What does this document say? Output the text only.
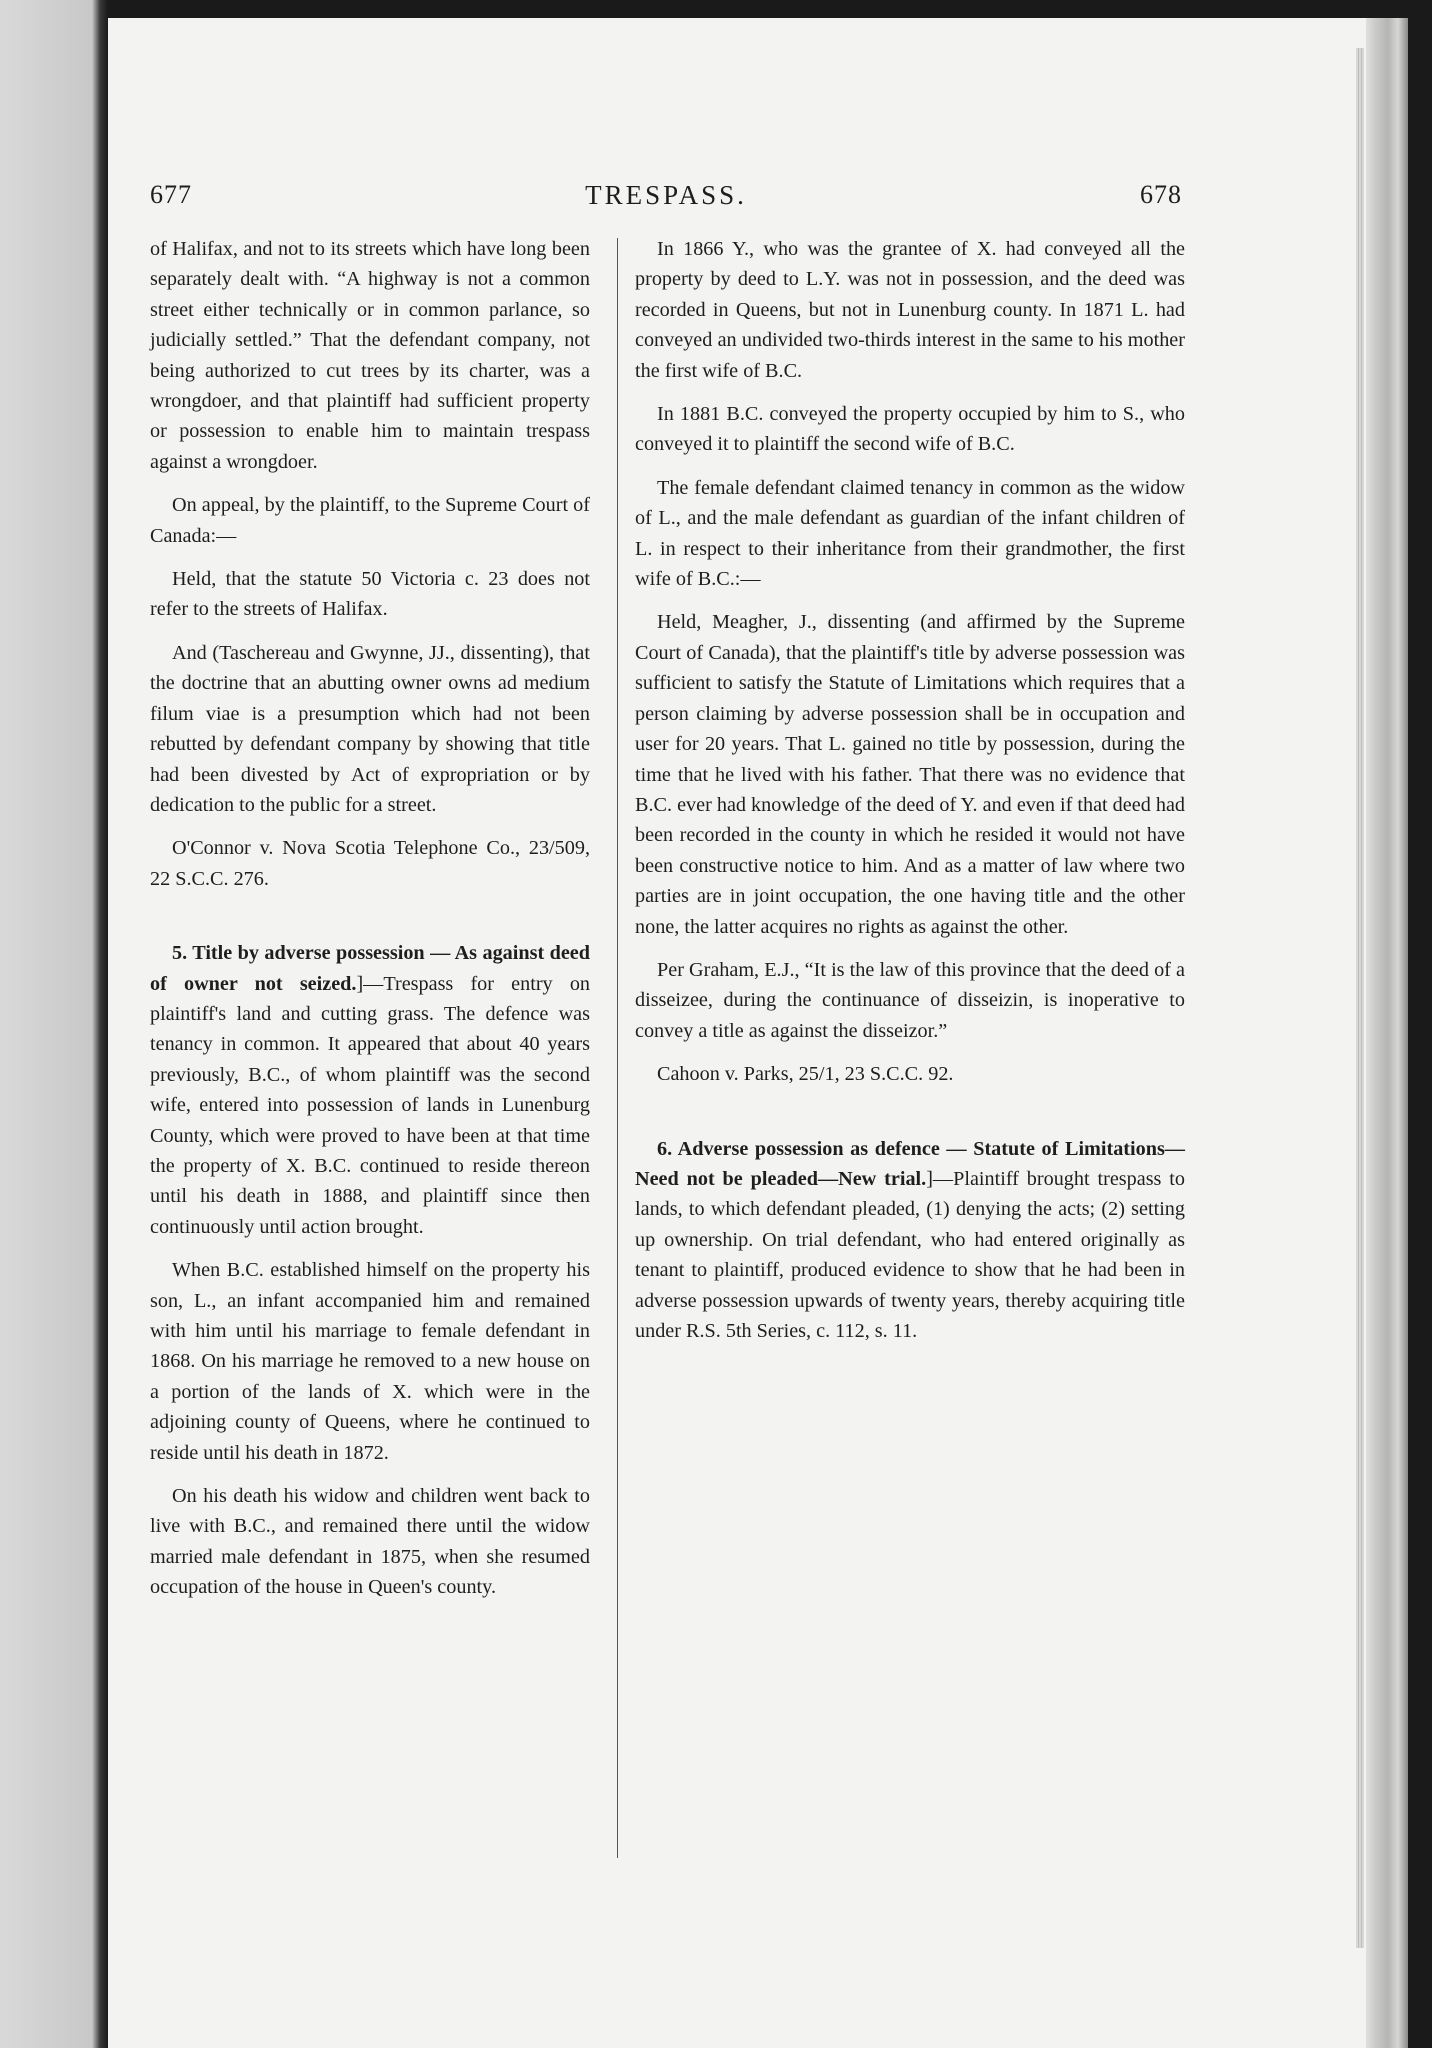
677	TRESPASS.	678

of Halifax, and not to its streets which have long been separately dealt with. “A highway is not a common street either technically or in common parlance, so judicially settled.” That the defendant company, not being authorized to cut trees by its charter, was a wrongdoer, and that plaintiff had sufficient property or possession to enable him to maintain trespass against a wrongdoer.

On appeal, by the plaintiff, to the Supreme Court of Canada:—

Held, that the statute 50 Victoria c. 23 does not refer to the streets of Halifax.

And (Taschereau and Gwynne, JJ., dissenting), that the doctrine that an abutting owner owns ad medium filum viae is a presumption which had not been rebutted by defendant company by showing that title had been divested by Act of expropriation or by dedication to the public for a street.

O'Connor v. Nova Scotia Telephone Co., 23/509, 22 S.C.C. 276.

5. Title by adverse possession — As against deed of owner not seized.]—Trespass for entry on plaintiff's land and cutting grass. The defence was tenancy in common. It appeared that about 40 years previously, B.C., of whom plaintiff was the second wife, entered into possession of lands in Lunenburg County, which were proved to have been at that time the property of X. B.C. continued to reside thereon until his death in 1888, and plaintiff since then continuously until action brought.

When B.C. established himself on the property his son, L., an infant accompanied him and remained with him until his marriage to female defendant in 1868. On his marriage he removed to a new house on a portion of the lands of X. which were in the adjoining county of Queens, where he continued to reside until his death in 1872.

On his death his widow and children went back to live with B.C., and remained there until the widow married male defendant in 1875, when she resumed occupation of the house in Queen's county.

In 1866 Y., who was the grantee of X. had conveyed all the property by deed to L.Y. was not in possession, and the deed was recorded in Queens, but not in Lunenburg county. In 1871 L. had conveyed an undivided two-thirds interest in the same to his mother the first wife of B.C.

In 1881 B.C. conveyed the property occupied by him to S., who conveyed it to plaintiff the second wife of B.C.

The female defendant claimed tenancy in common as the widow of L., and the male defendant as guardian of the infant children of L. in respect to their inheritance from their grandmother, the first wife of B.C.:—

Held, Meagher, J., dissenting (and affirmed by the Supreme Court of Canada), that the plaintiff's title by adverse possession was sufficient to satisfy the Statute of Limitations which requires that a person claiming by adverse possession shall be in occupation and user for 20 years. That L. gained no title by possession, during the time that he lived with his father. That there was no evidence that B.C. ever had knowledge of the deed of Y. and even if that deed had been recorded in the county in which he resided it would not have been constructive notice to him. And as a matter of law where two parties are in joint occupation, the one having title and the other none, the latter acquires no rights as against the other.

Per Graham, E.J., “It is the law of this province that the deed of a disseizee, during the continuance of disseizin, is inoperative to convey a title as against the disseizor.”

Cahoon v. Parks, 25/1, 23 S.C.C. 92.

6. Adverse possession as defence — Statute of Limitations—Need not be pleaded—New trial.]—Plaintiff brought trespass to lands, to which defendant pleaded, (1) denying the acts; (2) setting up ownership. On trial defendant, who had entered originally as tenant to plaintiff, produced evidence to show that he had been in adverse possession upwards of twenty years, thereby acquiring title under R.S. 5th Series, c. 112, s. 11.
